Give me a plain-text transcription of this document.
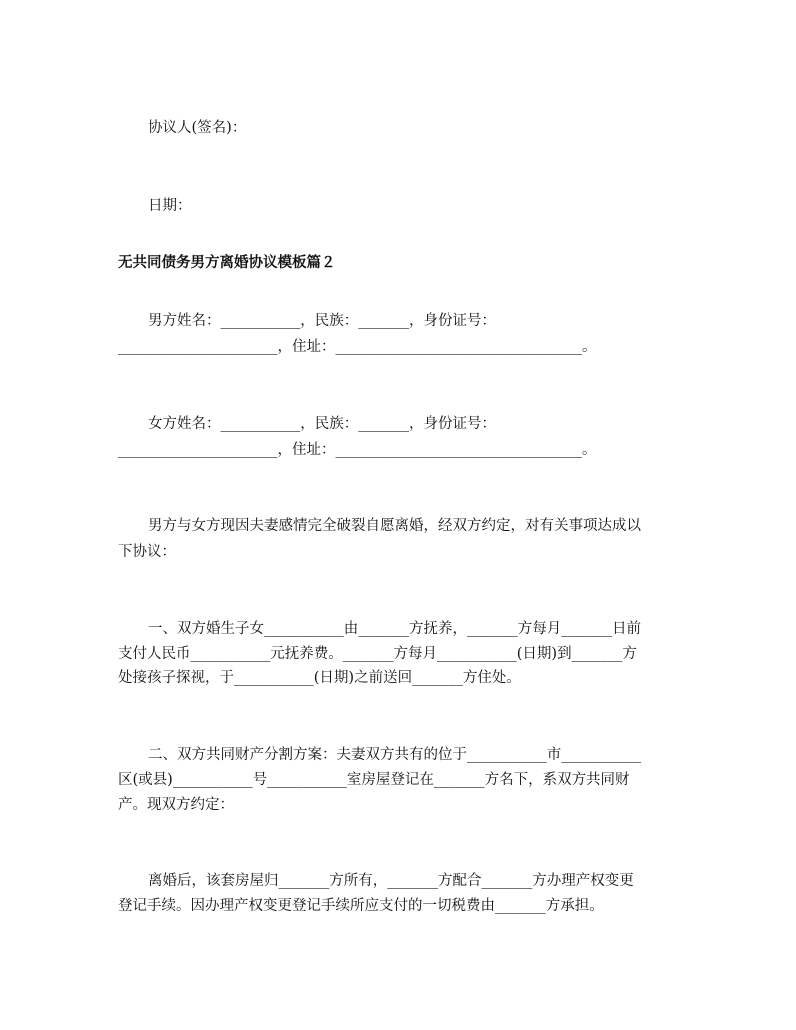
协议人(签名)：
日期：
无共同债务男方离婚协议模板篇２
男方姓名：___________，民族：_______，身份证号：
______________________，住址：__________________________________。
女方姓名：___________，民族：_______，身份证号：
______________________，住址：__________________________________。
男方与女方现因夫妻感情完全破裂自愿离婚，经双方约定，对有关事项达成以
下协议：
一、双方婚生子女___________由_______方抚养，_______方每月_______日前
支付人民币___________元抚养费。_______方每月___________(日期)到_______方
处接孩子探视，于___________(日期)之前送回_______方住处。
二、双方共同财产分割方案：夫妻双方共有的位于___________市___________
区(或县)___________号___________室房屋登记在_______方名下，系双方共同财
产。现双方约定：
离婚后，该套房屋归_______方所有，_______方配合_______方办理产权变更
登记手续。因办理产权变更登记手续所应支付的一切税费由_______方承担。
